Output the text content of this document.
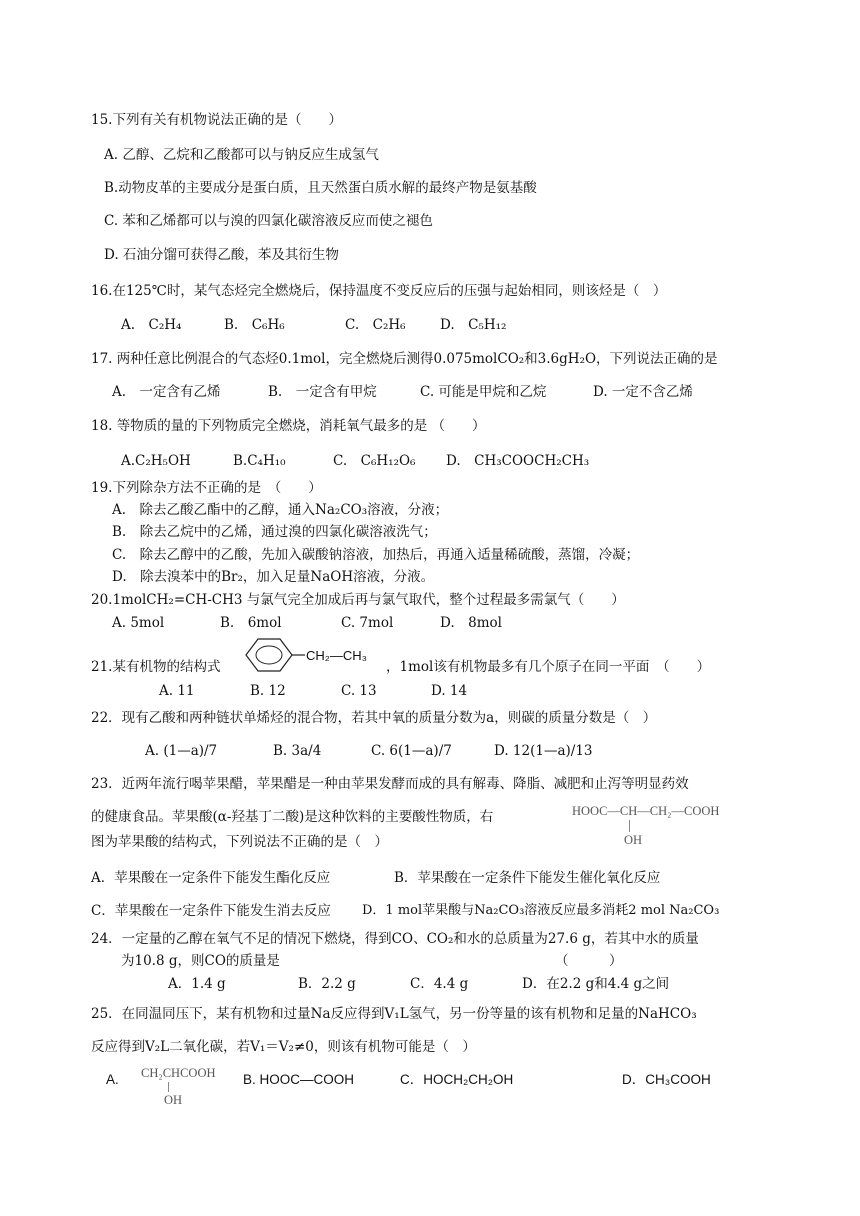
15.下列有关有机物说法正确的是（　　）
A. 乙醇、乙烷和乙酸都可以与钠反应生成氢气
B.动物皮革的主要成分是蛋白质，且天然蛋白质水解的最终产物是氨基酸
C. 苯和乙烯都可以与溴的四氯化碳溶液反应而使之褪色
D. 石油分馏可获得乙酸，苯及其衍生物
16.在125℃时，某气态烃完全燃烧后，保持温度不变反应后的压强与起始相同，则该烃是（　）
A.　C₂H₄	B.　C₆H₆	C.　C₂H₆	D.　C₅H₁₂
17. 两种任意比例混合的气态烃0.1mol，完全燃烧后测得0.075molCO₂和3.6gH₂O，下列说法正确的是
A.　一定含有乙烯	B.　一定含有甲烷	C. 可能是甲烷和乙烷	D. 一定不含乙烯
18. 等物质的量的下列物质完全燃烧，消耗氧气最多的是 （　　）
A.C₂H₅OH	B.C₄H₁₀	C.　C₆H₁₂O₆ D.　CH₃COOCH₂CH₃
19.下列除杂方法不正确的是　（　　）
A.　除去乙酸乙酯中的乙醇，通入Na₂CO₃溶液，分液；
B.　除去乙烷中的乙烯，通过溴的四氯化碳溶液洗气；
C.　除去乙醇中的乙酸，先加入碳酸钠溶液，加热后，再通入适量稀硫酸，蒸馏，冷凝；
D.　除去溴苯中的Br₂，加入足量NaOH溶液，分液。
20.1molCH₂=CH-CH3 与氯气完全加成后再与氯气取代，整个过程最多需氯气（　　）
A. 5mol	B.　6mol	C. 7mol	D.　8mol
21.某有机物的结构式
CH₂—CH₃
，1mol该有机物最多有几个原子在同一平面　（　　）
A. 11	B. 12	C. 13	D. 14
22．现有乙酸和两种链状单烯烃的混合物，若其中氧的质量分数为a，则碳的质量分数是（　）
A. (1—a)/7	B. 3a/4	C. 6(1—a)/7	D. 12(1—a)/13
23．近两年流行喝苹果醋，苹果醋是一种由苹果发酵而成的具有解毒、降脂、减肥和止泻等明显药效
的健康食品。苹果酸(α-羟基丁二酸)是这种饮料的主要酸性物质，右	HOOC—CH—CH₂—COOH
OH
图为苹果酸的结构式，下列说法不正确的是（　）
A．苹果酸在一定条件下能发生酯化反应	B．苹果酸在一定条件下能发生催化氧化反应
C．苹果酸在一定条件下能发生消去反应 D．1 mol苹果酸与Na₂CO₃溶液反应最多消耗2 mol Na₂CO₃
24．一定量的乙醇在氧气不足的情况下燃烧，得到CO、CO₂和水的总质量为27.6 g，若其中水的质量
为10.8 g，则CO的质量是	（　　　）
A．1.4 g	B．2.2 g	C．4.4 g	D．在2.2 g和4.4 g之间
25．在同温同压下，某有机物和过量Na反应得到V₁L氢气，另一份等量的该有机物和足量的NaHCO₃
反应得到V₂L二氧化碳，若V₁＝V₂≠0，则该有机物可能是（　）
A. CH₂CHCOOH
OH
B. HOOC—COOH	C．HOCH₂CH₂OH	D．CH₃COOH
